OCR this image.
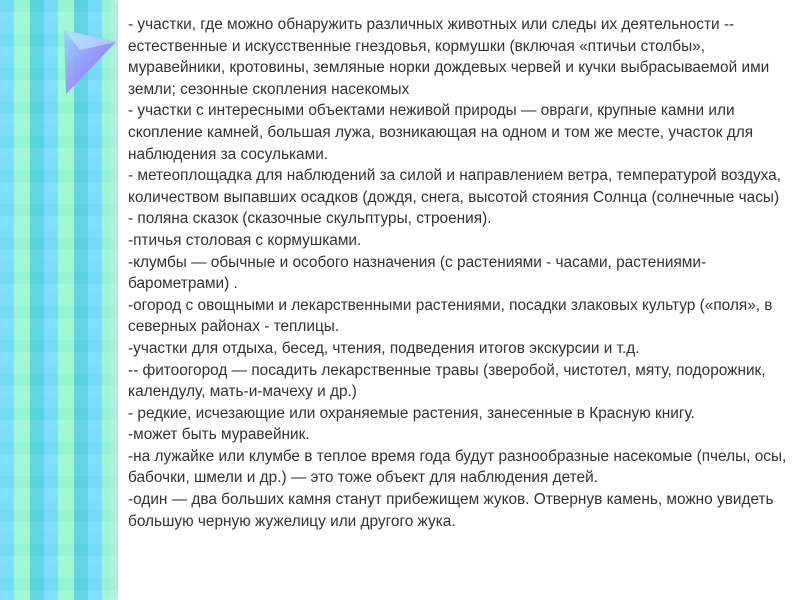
- участки, где можно обнаружить различных животных или следы их деятельности -- естественные и искусственные гнездовья, кормушки (включая «птичьи столбы», муравейники, кротовины, земляные норки дождевых червей и кучки выбрасываемой ими земли; сезонные скопления насекомых

- участки с интересными объектами неживой природы — овраги, крупные камни или скопление камней, большая лужа, возникающая на одном и том же месте, участок для наблюдения за сосульками.

- метеоплощадка для наблюдений за силой и направлением ветра, температурой воздуха, количеством выпавших осадков (дождя, снега, высотой стояния Солнца (солнечные часы)

- поляна сказок (сказочные скульптуры, строения).

-птичья столовая с кормушками.

-клумбы — обычные и особого назначения (с растениями - часами, растениями-барометрами) .

-огород с овощными и лекарственными растениями, посадки злаковых культур («поля», в северных районах - теплицы.

-участки для отдыха, бесед, чтения, подведения итогов экскурсии и т.д.

-- фитоогород — посадить лекарственные травы (зверобой, чистотел, мяту, подорожник, календулу, мать-и-мачеху и др.)

- редкие, исчезающие или охраняемые растения, занесенные в Красную книгу.

-может быть муравейник.

-на лужайке или клумбе в теплое время года будут разнообразные насекомые (пчелы, осы, бабочки, шмели и др.) — это тоже объект для наблюдения детей.

-один — два больших камня станут прибежищем жуков. Отвернув камень, можно увидеть большую черную жужелицу или другого жука.
